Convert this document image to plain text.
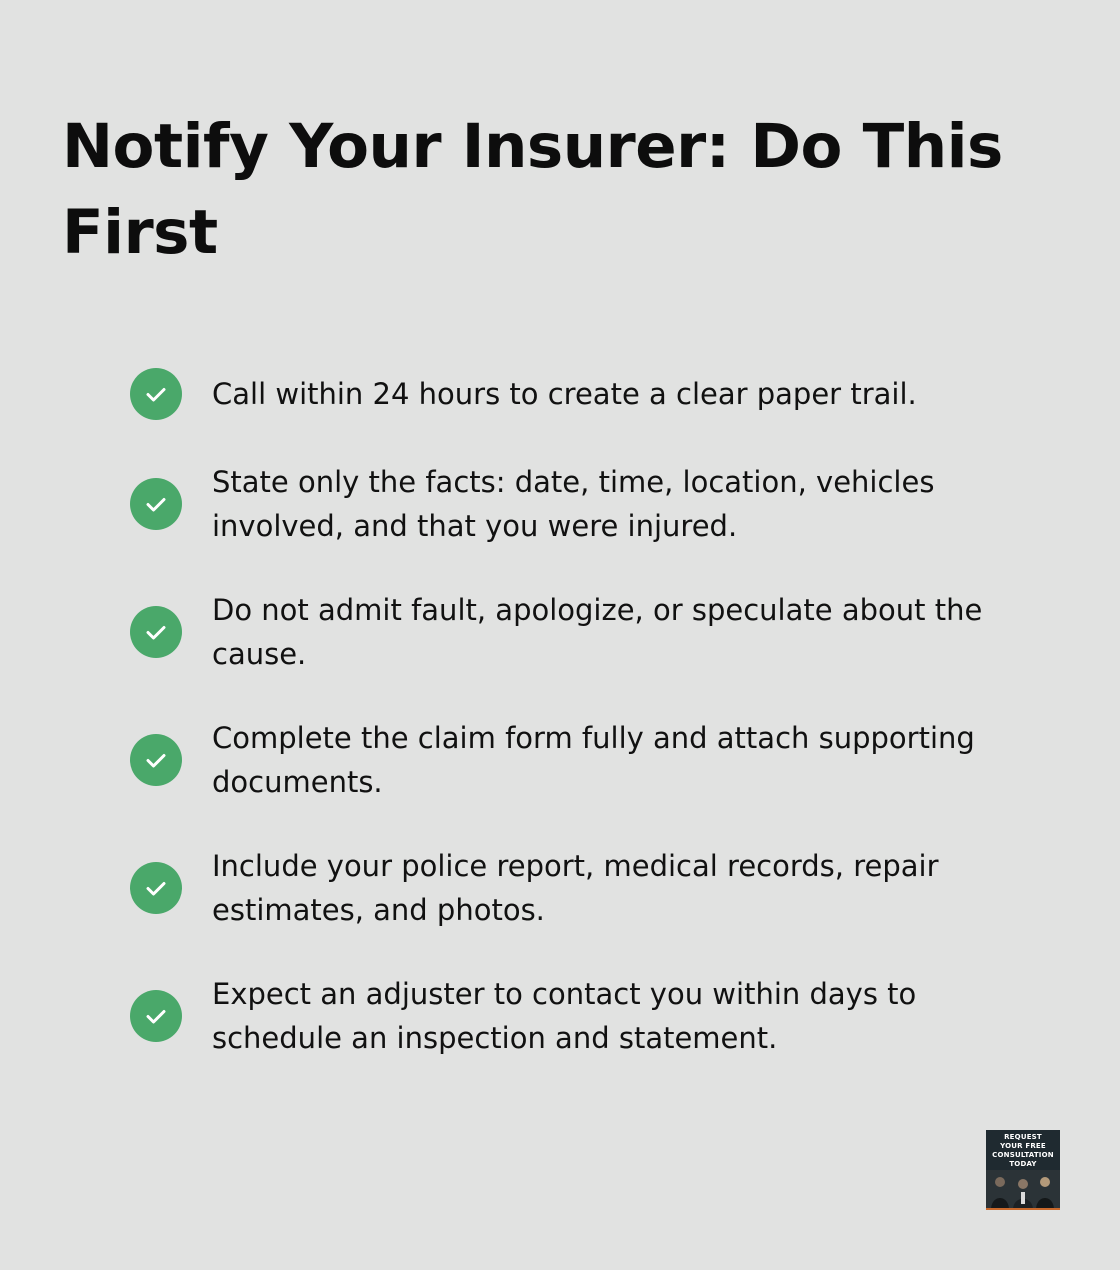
Notify Your Insurer: Do This First
Call within 24 hours to create a clear paper trail.
State only the facts: date, time, location, vehicles involved, and that you were injured.
Do not admit fault, apologize, or speculate about the cause.
Complete the claim form fully and attach supporting documents.
Include your police report, medical records, repair estimates, and photos.
Expect an adjuster to contact you within days to schedule an inspection and statement.
REQUEST
YOUR FREE
CONSULTATION
TODAY
